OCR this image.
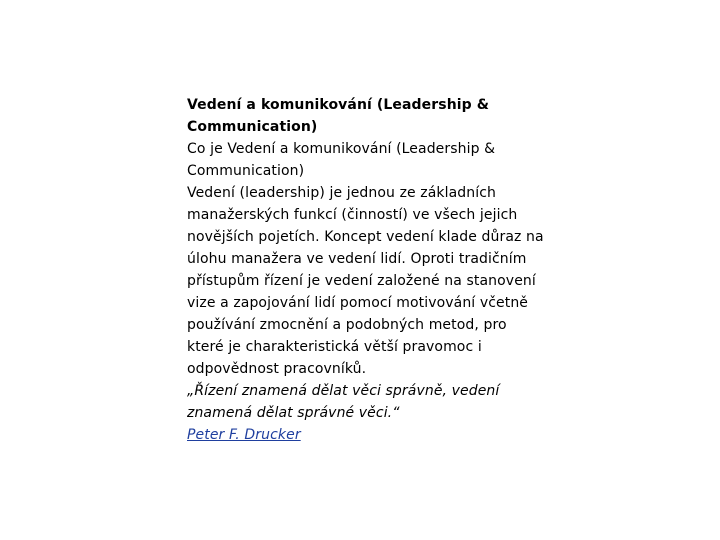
Vedení a komunikování (Leadership & Communication)

Co je Vedení a komunikování (Leadership & Communication)

Vedení (leadership) je jednou ze základních manažerských funkcí (činností) ve všech jejich novějších pojetích. Koncept vedení klade důraz na úlohu manažera ve vedení lidí. Oproti tradičním přístupům řízení je vedení založené na stanovení vize a zapojování lidí pomocí motivování včetně používání zmocnění a podobných metod, pro které je charakteristická větší pravomoc i odpovědnost pracovníků.

„Řízení znamená dělat věci správně, vedení znamená dělat správné věci.“

Peter F. Drucker
